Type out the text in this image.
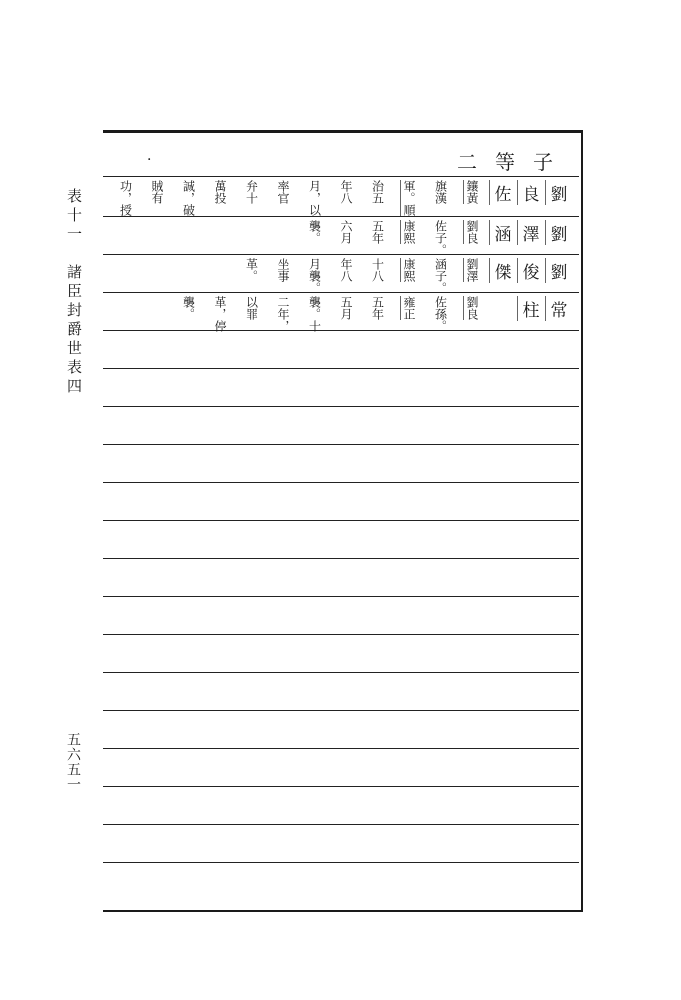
表十一　諸臣封爵世表四
五六五一
二等子
·
劉
良
佐
鑲黃
旗漢
軍。順
治五
年八
月，以
率官
弁十
萬投
誠，破
賊有
功，授
劉
澤
涵
劉良
佐子。
康熙
五年
六月
襲。
劉
俊
傑
劉澤
涵子。
康熙
十八
年八
月襲。
坐事
革。
常
柱
劉良
佐孫。
雍正
五年
五月
襲。十
二年，
以罪
革，停
襲。
